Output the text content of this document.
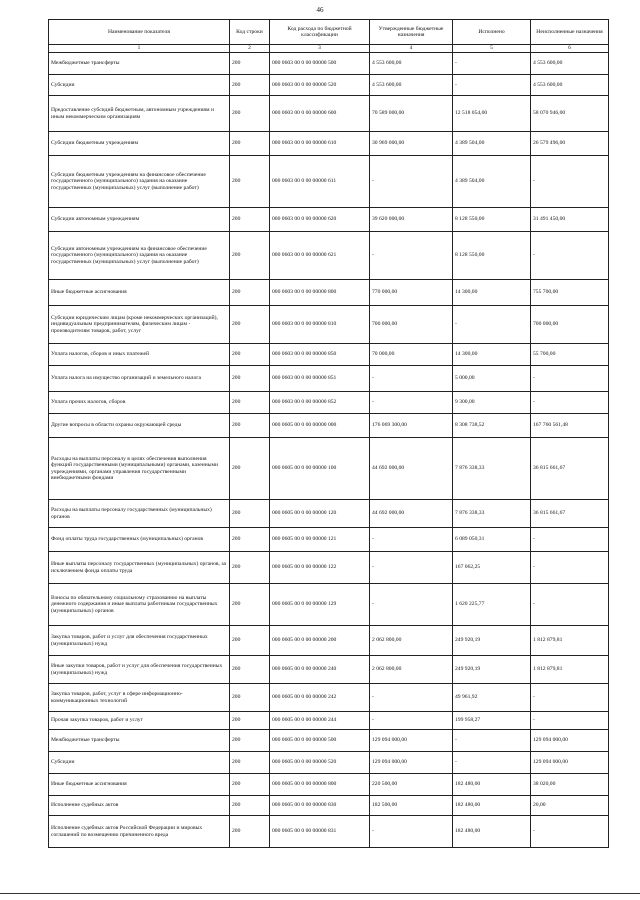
46
Наименование показателя	Код строки	Код расхода по бюджетной классификации	Утвержденные бюджетные назначения	Исполнено	Неисполненные назначения
1	2	3	4	5	6
Межбюджетные трансферты	200	000 0603 00 0 00 00000 500	4 553 600,00	-	4 553 600,00
Субсидии	200	000 0603 00 0 00 00000 520	4 553 600,00	-	4 553 600,00
Предоставление субсидий бюджетным, автономным учреждениям и иным некоммерческим организациям	200	000 0603 00 0 00 00000 600	70 589 000,00	12 518 054,00	58 070 946,00
Субсидии бюджетным учреждениям	200	000 0603 00 0 00 00000 610	30 969 000,00	4 389 504,00	26 579 496,00
Субсидии бюджетным учреждениям на финансовое обеспечение государственного (муниципального) задания на оказание государственных (муниципальных) услуг (выполнение работ)	200	000 0603 00 0 00 00000 611	-	4 389 504,00	-
Субсидии автономным учреждениям	200	000 0603 00 0 00 00000 620	39 620 000,00	8 128 550,00	31 491 450,00
Субсидии автономным учреждениям на финансовое обеспечение государственного (муниципального) задания на оказание государственных (муниципальных) услуг (выполнение работ)	200	000 0603 00 0 00 00000 621	-	8 128 550,00	-
Иные бюджетные ассигнования	200	000 0603 00 0 00 00000 800	770 000,00	14 300,00	755 700,00
Субсидии юридическим лицам (кроме некоммерческих организаций), индивидуальным предпринимателям, физическим лицам - производителям товаров, работ, услуг	200	000 0603 00 0 00 00000 810	700 000,00	-	700 000,00
Уплата налогов, сборов и иных платежей	200	000 0603 00 0 00 00000 850	70 000,00	14 300,00	55 700,00
Уплата налога на имущество организаций и земельного налога	200	000 0603 00 0 00 00000 851	-	5 000,00	-
Уплата прочих налогов, сборов	200	000 0603 00 0 00 00000 852	-	9 300,00	-
Другие вопросы в области охраны окружающей среды	200	000 0605 00 0 00 00000 000	176 069 300,00	8 308 738,52	167 760 561,48
Расходы на выплаты персоналу в целях обеспечения выполнения функций государственными (муниципальными) органами, казенными учреждениями, органами управления государственными внебюджетными фондами	200	000 0605 00 0 00 00000 100	44 692 000,00	7 876 338,33	36 815 661,67
Расходы на выплаты персоналу государственных (муниципальных) органов	200	000 0605 00 0 00 00000 120	44 692 000,00	7 876 338,33	36 815 661,67
Фонд оплаты труда государственных (муниципальных) органов	200	000 0605 00 0 00 00000 121	-	6 089 050,31	-
Иные выплаты персоналу государственных (муниципальных) органов, за исключением фонда оплаты труда	200	000 0605 00 0 00 00000 122	-	167 062,25	-
Взносы по обязательному социальному страхованию на выплаты денежного содержания и иные выплаты работникам государственных (муниципальных) органов	200	000 0605 00 0 00 00000 129	-	1 620 225,77	-
Закупка товаров, работ и услуг для обеспечения государственных (муниципальных) нужд	200	000 0605 00 0 00 00000 200	2 062 800,00	249 920,19	1 812 879,81
Иные закупки товаров, работ и услуг для обеспечения государственных (муниципальных) нужд	200	000 0605 00 0 00 00000 240	2 062 800,00	249 920,19	1 812 879,81
Закупка товаров, работ, услуг в сфере информационно-коммуникационных технологий	200	000 0605 00 0 00 00000 242	-	49 961,92	-
Прочая закупка товаров, работ и услуг	200	000 0605 00 0 00 00000 244	-	199 958,27	-
Межбюджетные трансферты	200	000 0605 00 0 00 00000 500	129 094 000,00	-	129 094 000,00
Субсидии	200	000 0605 00 0 00 00000 520	129 094 000,00	-	129 094 000,00
Иные бюджетные ассигнования	200	000 0605 00 0 00 00000 800	220 500,00	182 480,00	38 020,00
Исполнение судебных актов	200	000 0605 00 0 00 00000 830	182 500,00	182 480,00	20,00
Исполнение судебных актов Российской Федерации и мировых соглашений по возмещению причиненного вреда	200	000 0605 00 0 00 00000 831	-	182 480,00	-
